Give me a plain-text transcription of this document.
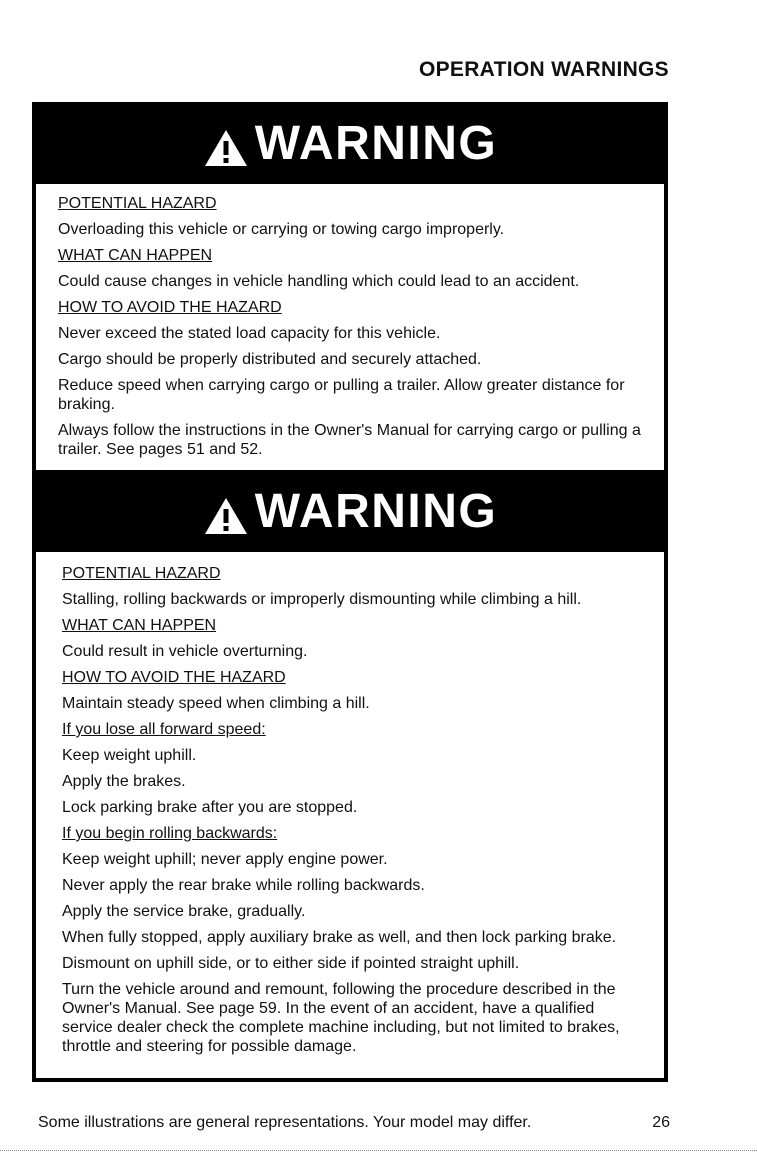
OPERATION WARNINGS
WARNING

POTENTIAL HAZARD

Overloading this vehicle or carrying or towing cargo improperly.

WHAT CAN HAPPEN

Could cause changes in vehicle handling which could lead to an accident.

HOW TO AVOID THE HAZARD

Never exceed the stated load capacity for this vehicle.

Cargo should be properly distributed and securely attached.

Reduce speed when carrying cargo or pulling a trailer. Allow greater distance for braking.

Always follow the instructions in the Owner's Manual for carrying cargo or pulling a trailer. See pages 51 and 52.

WARNING

POTENTIAL HAZARD

Stalling, rolling backwards or improperly dismounting while climbing a hill.

WHAT CAN HAPPEN

Could result in vehicle overturning.

HOW TO AVOID THE HAZARD

Maintain steady speed when climbing a hill.

If you lose all forward speed:

Keep weight uphill.

Apply the brakes.

Lock parking brake after you are stopped.

If you begin rolling backwards:

Keep weight uphill; never apply engine power.

Never apply the rear brake while rolling backwards.

Apply the service brake, gradually.

When fully stopped, apply auxiliary brake as well, and then lock parking brake.

Dismount on uphill side, or to either side if pointed straight uphill.

Turn the vehicle around and remount, following the procedure described in the Owner's Manual. See page 59. In the event of an accident, have a qualified service dealer check the complete machine including, but not limited to brakes, throttle and steering for possible damage.

Some illustrations are general representations. Your model may differ.	26
